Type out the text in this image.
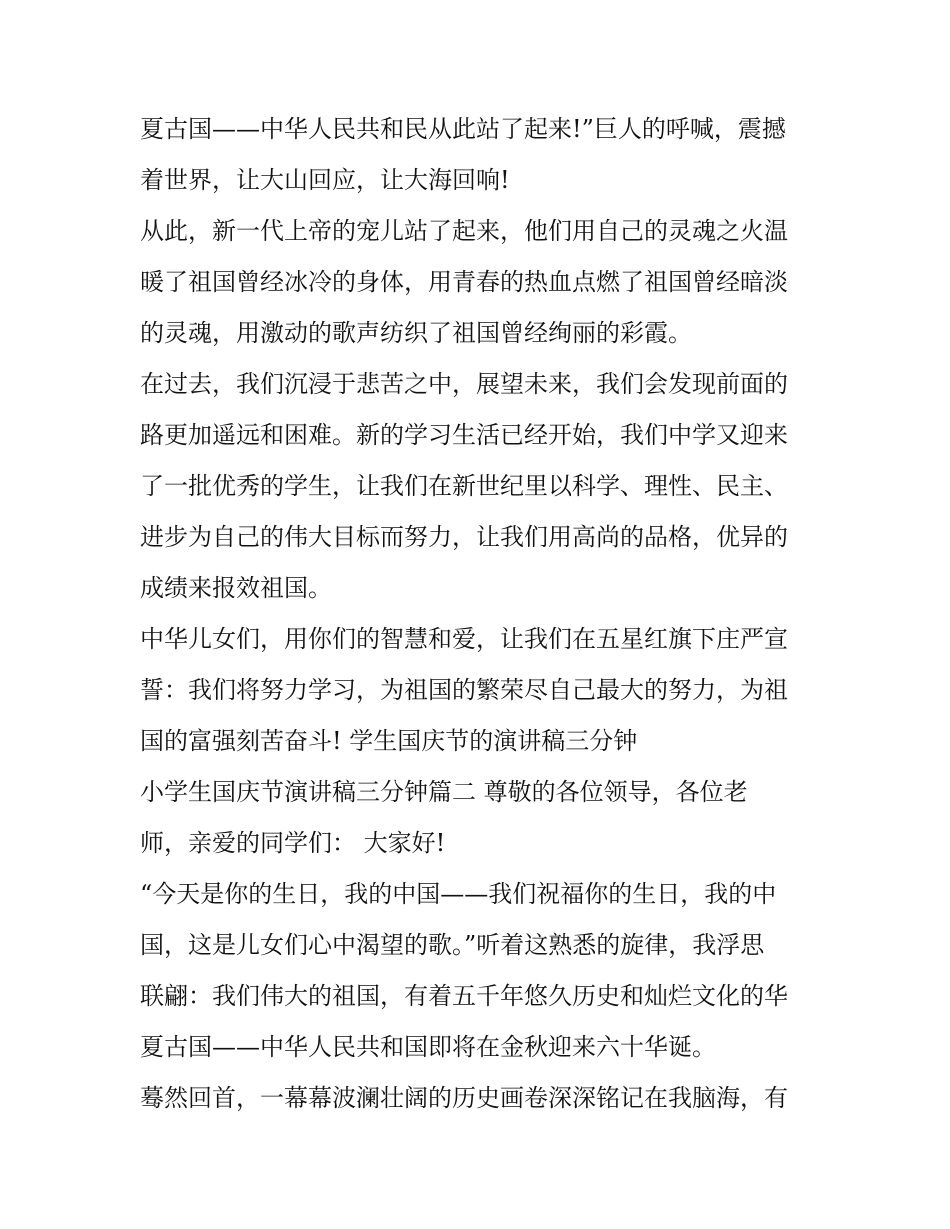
夏古国——中华人民共和民从此站了起来!”巨人的呼喊，震撼
着世界，让大山回应，让大海回响!
从此，新一代上帝的宠儿站了起来，他们用自己的灵魂之火温
暖了祖国曾经冰冷的身体，用青春的热血点燃了祖国曾经暗淡
的灵魂，用激动的歌声纺织了祖国曾经绚丽的彩霞。
在过去，我们沉浸于悲苦之中，展望未来，我们会发现前面的
路更加遥远和困难。新的学习生活已经开始，我们中学又迎来
了一批优秀的学生，让我们在新世纪里以科学、理性、民主、
进步为自己的伟大目标而努力，让我们用高尚的品格，优异的
成绩来报效祖国。
中华儿女们，用你们的智慧和爱，让我们在五星红旗下庄严宣
誓：我们将努力学习，为祖国的繁荣尽自己最大的努力，为祖
国的富强刻苦奋斗! 学生国庆节的演讲稿三分钟
小学生国庆节演讲稿三分钟篇二 尊敬的各位领导，各位老
师，亲爱的同学们： 大家好!
“今天是你的生日，我的中国——我们祝福你的生日，我的中
国，这是儿女们心中渴望的歌。”听着这熟悉的旋律，我浮思
联翩：我们伟大的祖国，有着五千年悠久历史和灿烂文化的华
夏古国——中华人民共和国即将在金秋迎来六十华诞。
蓦然回首，一幕幕波澜壮阔的历史画卷深深铭记在我脑海，有
